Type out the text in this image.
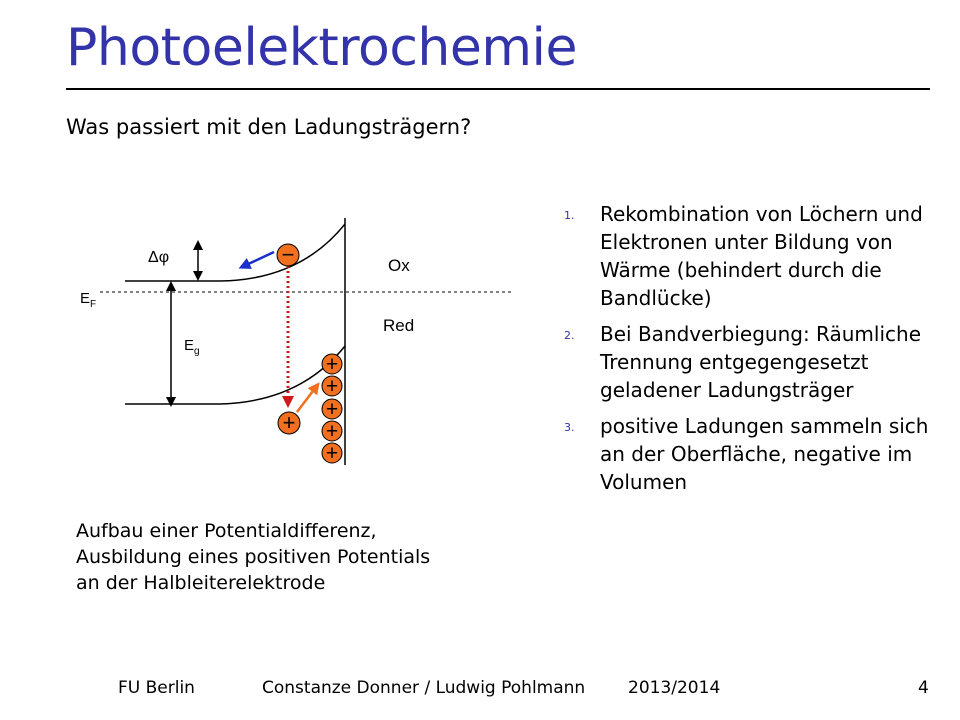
Photoelektrochemie
Was passiert mit den Ladungsträgern?
$E_F$
$E_g$
Δφ	Ox
Red
−
+
+
+
+
+
+
Aufbau einer Potentialdifferenz,
Ausbildung eines positiven Potentials
an der Halbleiterelektrode
1. Rekombination von Löchern und Elektronen unter Bildung von Wärme (behindert durch die Bandlücke)
2. Bei Bandverbiegung: Räumliche Trennung entgegengesetzt geladener Ladungsträger
3. positive Ladungen sammeln sich an der Oberfläche, negative im Volumen
FU Berlin	Constanze Donner / Ludwig Pohlmann	2013/2014	4
